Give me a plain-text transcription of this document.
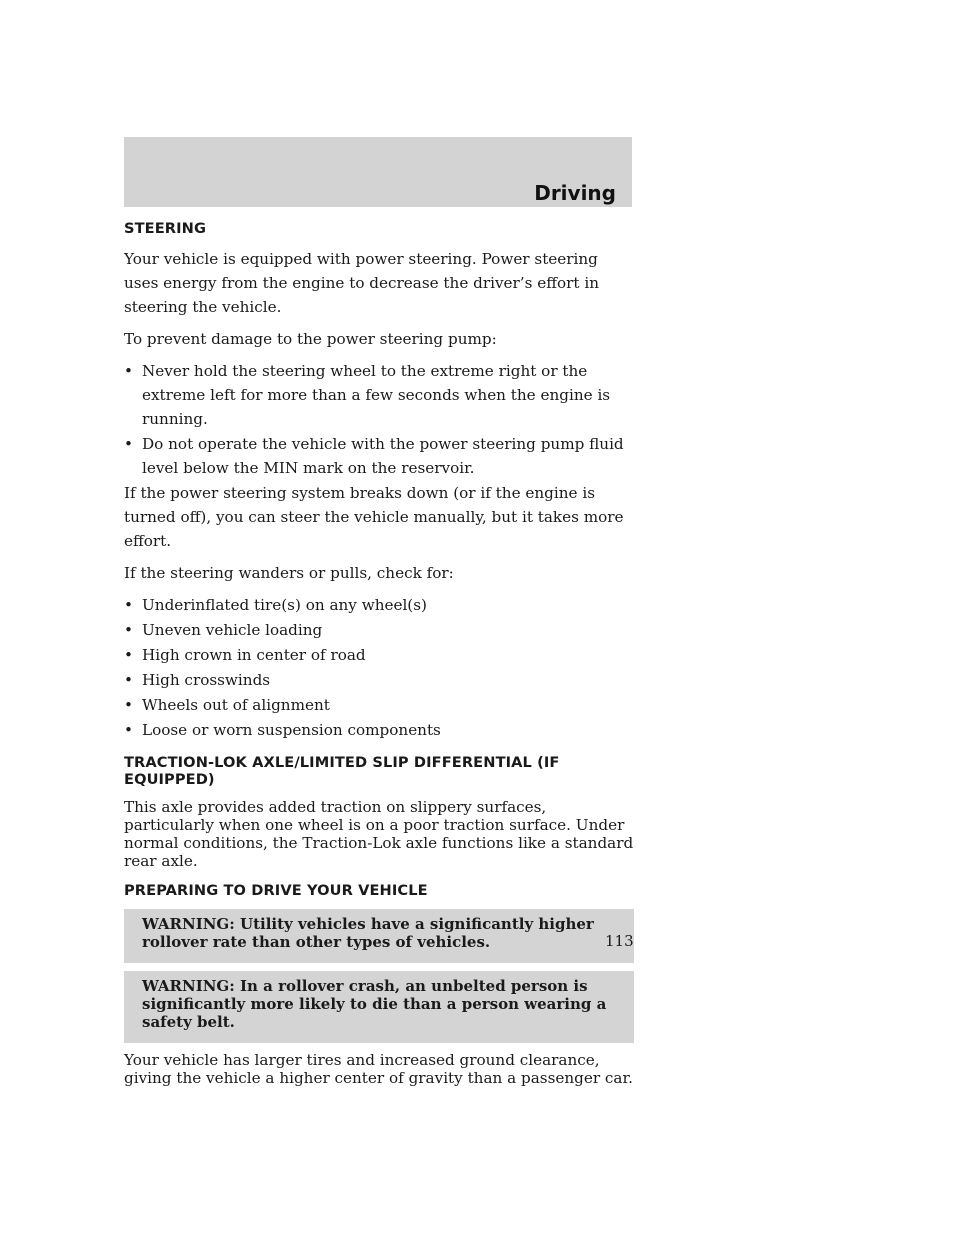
Driving
STEERING

Your vehicle is equipped with power steering. Power steering uses energy from the engine to decrease the driver’s effort in steering the vehicle.

To prevent damage to the power steering pump:

• Never hold the steering wheel to the extreme right or the extreme left for more than a few seconds when the engine is running.
• Do not operate the vehicle with the power steering pump fluid level below the MIN mark on the reservoir.

If the power steering system breaks down (or if the engine is turned off), you can steer the vehicle manually, but it takes more effort.

If the steering wanders or pulls, check for:

• Underinflated tire(s) on any wheel(s)
• Uneven vehicle loading
• High crown in center of road
• High crosswinds
• Wheels out of alignment
• Loose or worn suspension components
TRACTION-LOK AXLE/LIMITED SLIP DIFFERENTIAL (IF EQUIPPED)

This axle provides added traction on slippery surfaces, particularly when one wheel is on a poor traction surface. Under normal conditions, the Traction-Lok axle functions like a standard rear axle.

PREPARING TO DRIVE YOUR VEHICLE
WARNING: Utility vehicles have a significantly higher rollover rate than other types of vehicles.
WARNING: In a rollover crash, an unbelted person is significantly more likely to die than a person wearing a safety belt.

Your vehicle has larger tires and increased ground clearance, giving the vehicle a higher center of gravity than a passenger car.

113
